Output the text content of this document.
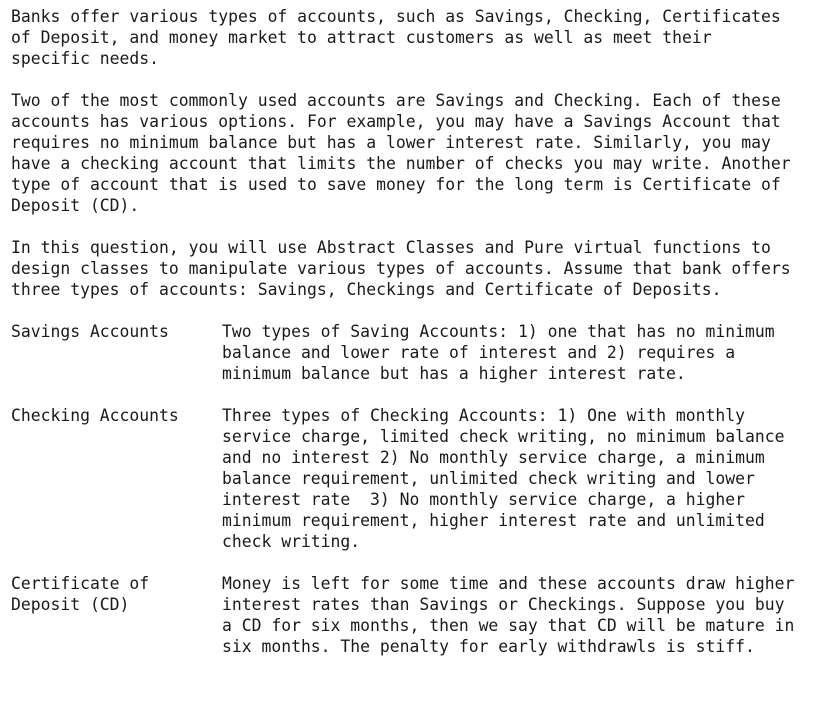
Banks offer various types of accounts, such as Savings, Checking, Certificates
of Deposit, and money market to attract customers as well as meet their
specific needs.

Two of the most commonly used accounts are Savings and Checking. Each of these
accounts has various options. For example, you may have a Savings Account that
requires no minimum balance but has a lower interest rate. Similarly, you may
have a checking account that limits the number of checks you may write. Another
type of account that is used to save money for the long term is Certificate of
Deposit (CD).

In this question, you will use Abstract Classes and Pure virtual functions to
design classes to manipulate various types of accounts. Assume that bank offers
three types of accounts: Savings, Checkings and Certificate of Deposits.

Savings Accounts	Two types of Saving Accounts: 1) one that has no minimum
balance and lower rate of interest and 2) requires a
minimum balance but has a higher interest rate.
Checking Accounts	Three types of Checking Accounts: 1) One with monthly
service charge, limited check writing, no minimum balance
and no interest 2) No monthly service charge, a minimum
balance requirement, unlimited check writing and lower
interest rate  3) No monthly service charge, a higher
minimum requirement, higher interest rate and unlimited
check writing.
Certificate of
Deposit (CD)
Money is left for some time and these accounts draw higher
interest rates than Savings or Checkings. Suppose you buy
a CD for six months, then we say that CD will be mature in
six months. The penalty for early withdrawls is stiff.
